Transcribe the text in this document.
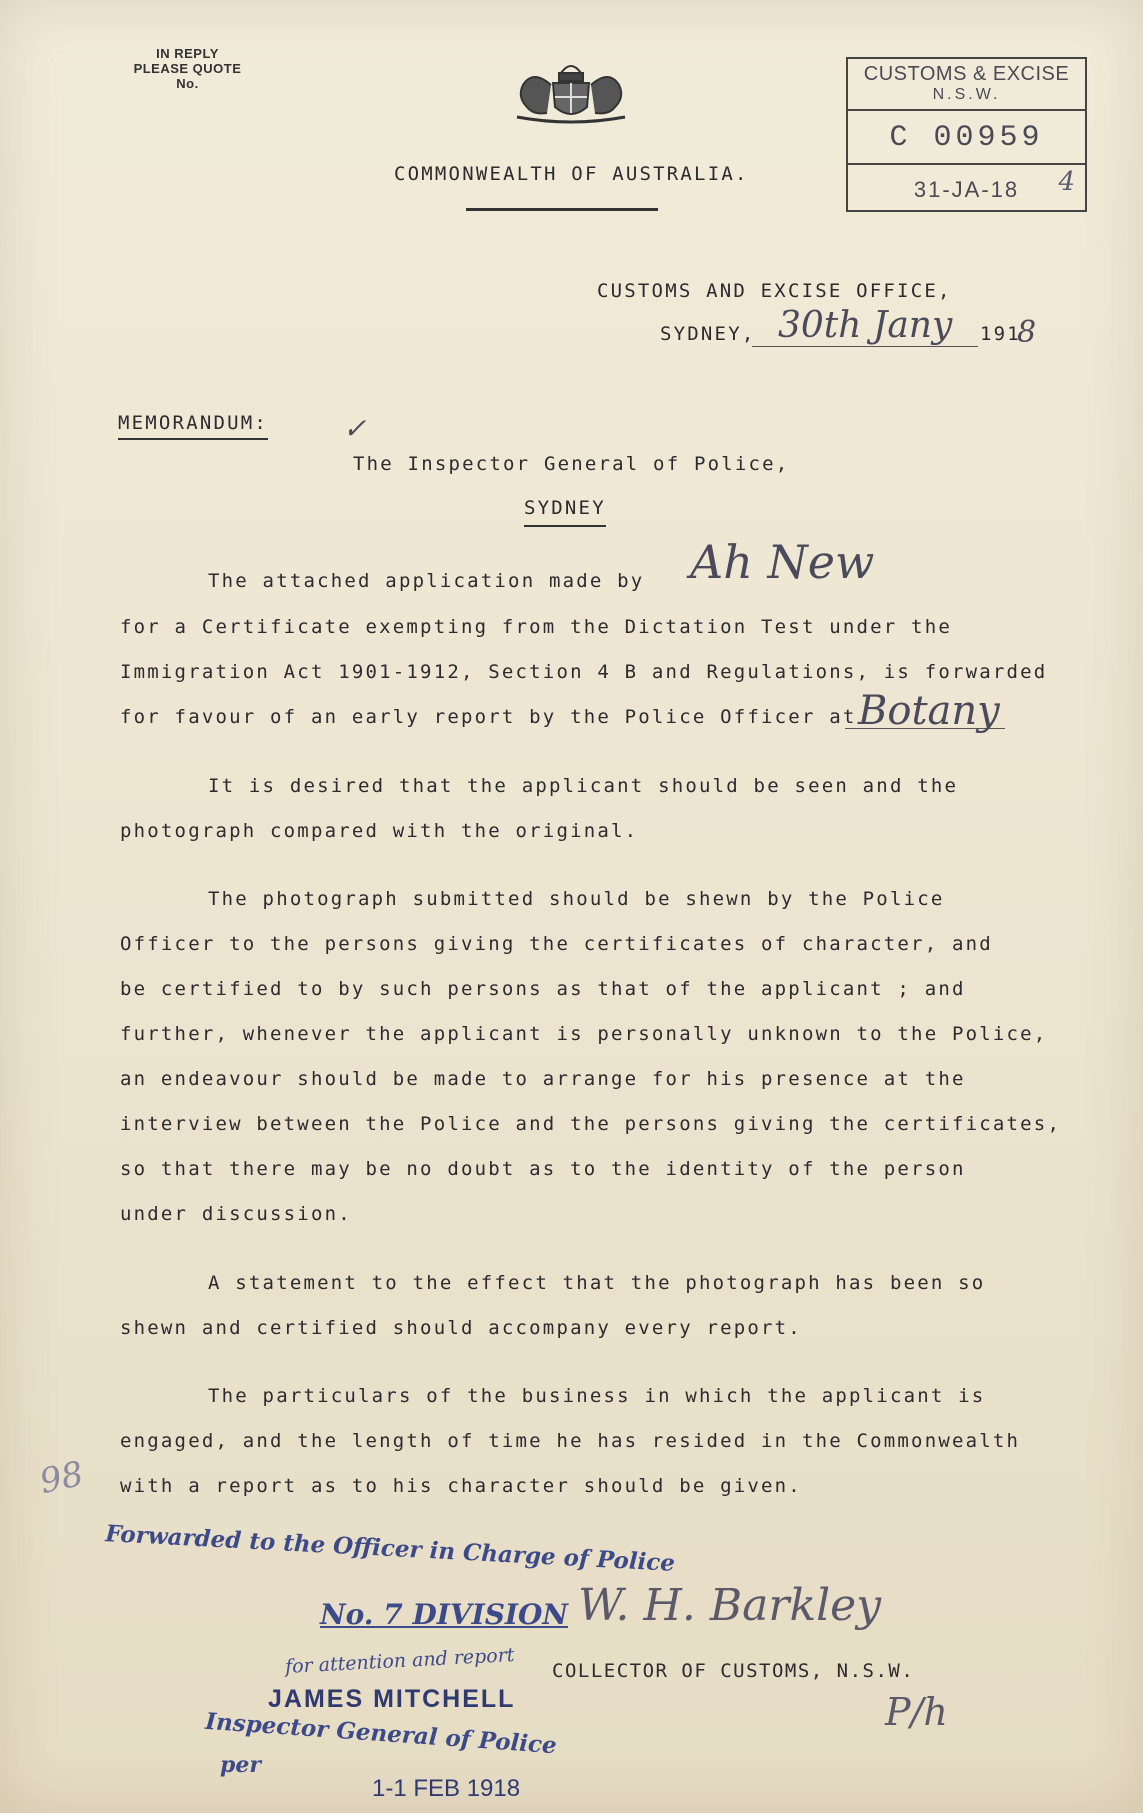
IN REPLY
PLEASE QUOTE
No.
COMMONWEALTH OF AUSTRALIA.
CUSTOMS & EXCISE
N.S.W.
C 00959
31-JA-18	4
CUSTOMS AND EXCISE OFFICE,
SYDNEY, 30th Jany 191
8
MEMORANDUM:	✓
The Inspector General of Police,
SYDNEY
The attached application made by Ah New
for a Certificate exempting from the Dictation Test under the
Immigration Act 1901-1912, Section 4 B and Regulations, is forwarded
for favour of an early report by the Police Officer at Botany
It is desired that the applicant should be seen and the
photograph compared with the original.
The photograph submitted should be shewn by the Police
Officer to the persons giving the certificates of character, and
be certified to by such persons as that of the applicant ; and
further, whenever the applicant is personally unknown to the Police,
an endeavour should be made to arrange for his presence at the
interview between the Police and the persons giving the certificates,
so that there may be no doubt as to the identity of the person
under discussion.
A statement to the effect that the photograph has been so
shewn and certified should accompany every report.
The particulars of the business in which the applicant is
engaged, and the length of time he has resided in the Commonwealth
with a report as to his character should be given.
98
Forwarded to the Officer in Charge of Police
No. 7 DIVISION
for attention and report
JAMES MITCHELL
Inspector General of Police
per
1-1 FEB 1918
W. H. Barkley
COLLECTOR OF CUSTOMS, N.S.W.
P/h
